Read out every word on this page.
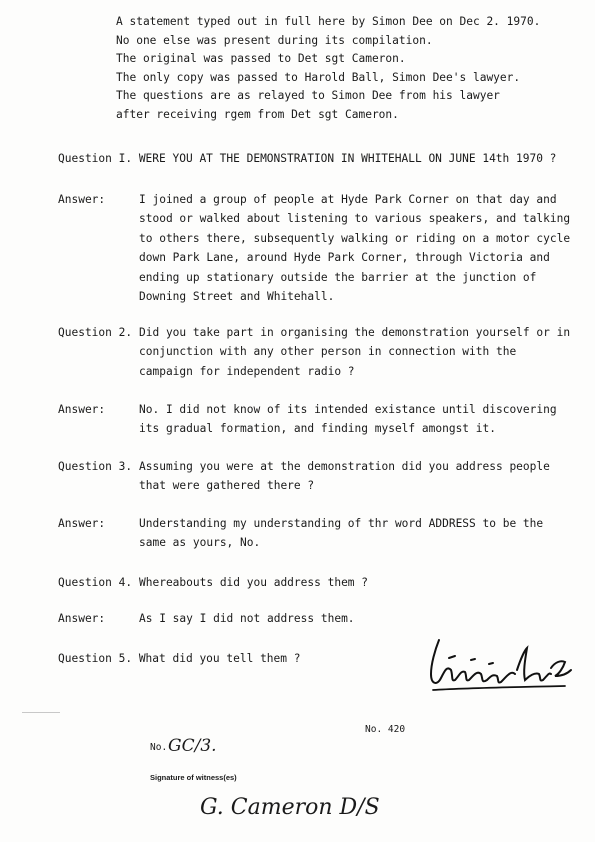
A statement typed out in full here by Simon Dee on Dec 2. 1970.
No one else was present during its compilation.
The original was passed to Det sgt Cameron.
The only copy was passed to Harold Ball, Simon Dee's lawyer.
The questions are as relayed to Simon Dee from his lawyer
after receiving rgem from Det sgt Cameron.
Question I. WERE YOU AT THE DEMONSTRATION IN WHITEHALL ON JUNE 14th 1970 ?
Answer:	I joined a group of people at Hyde Park Corner on that day and
stood or walked about listening to various speakers, and talking
to others there, subsequently walking or riding on a motor cycle
down Park Lane, around Hyde Park Corner, through Victoria and
ending up stationary outside the barrier at the junction of
Downing Street and Whitehall.
Question 2. Did you take part in organising the demonstration yourself or in
conjunction with any other person in connection with the
campaign for independent radio ?
Answer:	No. I did not know of its intended existance until discovering
its gradual formation, and finding myself amongst it.
Question 3. Assuming you were at the demonstration did you address people
that were gathered there ?
Answer:	Understanding my understanding of thr word ADDRESS to be the
same as yours, No.
Question 4. Whereabouts did you address them ?
Answer:	As I say I did not address them.
Question 5. What did you tell them ?
No. 420
No. GC/3.
Signature of witness(es)
G. Cameron D/S
